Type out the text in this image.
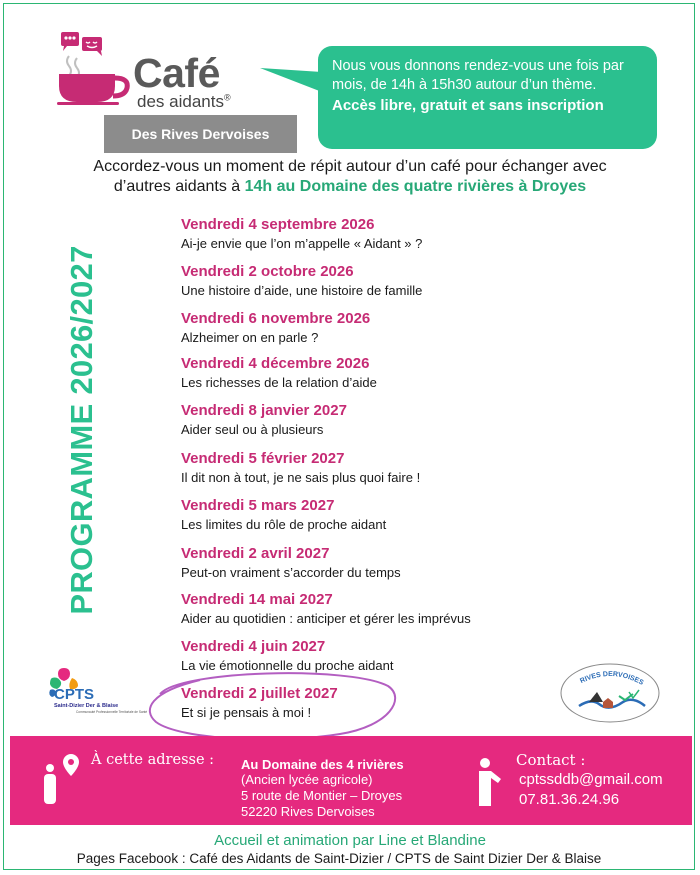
Café
des aidants®
Des Rives Dervoises
Nous vous donnons rendez-vous une fois par mois, de 14h à 15h30 autour d’un thème.
Accès libre, gratuit et sans inscription
Accordez-vous un moment de répit autour d’un café pour échanger avec
d’autres aidants à 14h au Domaine des quatre rivières à Droyes
PROGRAMME 2026/2027
Vendredi 4 septembre 2026
Ai-je envie que l’on m’appelle « Aidant » ?
Vendredi 2 octobre 2026
Une histoire d’aide, une histoire de famille
Vendredi 6 novembre 2026
Alzheimer on en parle ?
Vendredi 4 décembre 2026
Les richesses de la relation d’aide
Vendredi 8 janvier 2027
Aider seul ou à plusieurs
Vendredi 5 février 2027
Il dit non à tout, je ne sais plus quoi faire !
Vendredi 5 mars 2027
Les limites du rôle de proche aidant
Vendredi 2 avril 2027
Peut-on vraiment s’accorder du temps
Vendredi 14 mai 2027
Aider au quotidien : anticiper et gérer les imprévus
Vendredi 4 juin 2027
La vie émotionnelle du proche aidant
Vendredi 2 juillet 2027
Et si je pensais à moi !
CPTS
Saint-Dizier Der & Blaise
Communauté Professionnelle Territoriale de Santé
RIVES DERVOISES
À cette adresse : Au Domaine des 4 rivières
(Ancien lycée agricole)
5 route de Montier – Droyes
52220 Rives Dervoises
Contact :
cptssddb@gmail.com
07.81.36.24.96
Accueil et animation par Line et Blandine
Pages Facebook : Café des Aidants de Saint-Dizier / CPTS de Saint Dizier Der & Blaise
